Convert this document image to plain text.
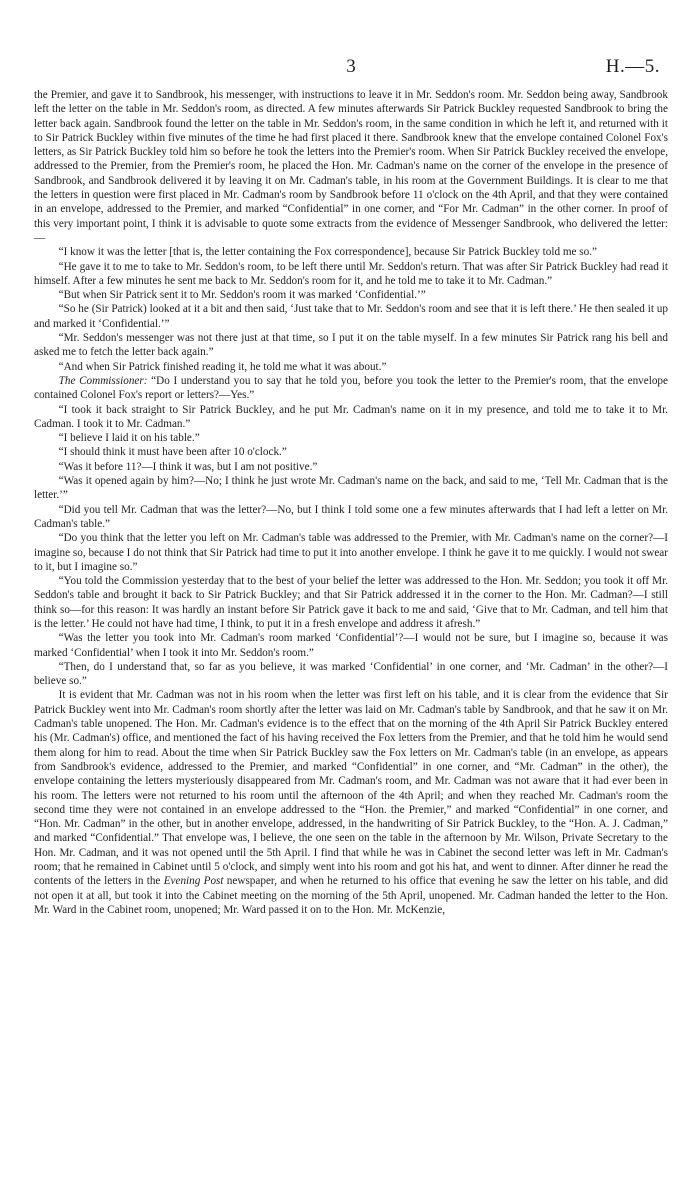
3	H.—5.

the Premier, and gave it to Sandbrook, his messenger, with instructions to leave it in Mr. Seddon's room. Mr. Seddon being away, Sandbrook left the letter on the table in Mr. Seddon's room, as directed. A few minutes afterwards Sir Patrick Buckley requested Sandbrook to bring the letter back again. Sandbrook found the letter on the table in Mr. Seddon's room, in the same condition in which he left it, and returned with it to Sir Patrick Buckley within five minutes of the time he had first placed it there. Sandbrook knew that the envelope contained Colonel Fox's letters, as Sir Patrick Buckley told him so before he took the letters into the Premier's room. When Sir Patrick Buckley received the envelope, addressed to the Premier, from the Premier's room, he placed the Hon. Mr. Cadman's name on the corner of the envelope in the presence of Sandbrook, and Sandbrook delivered it by leaving it on Mr. Cadman's table, in his room at the Government Buildings. It is clear to me that the letters in question were first placed in Mr. Cadman's room by Sandbrook before 11 o'clock on the 4th April, and that they were contained in an envelope, addressed to the Premier, and marked “Confidential” in one corner, and “For Mr. Cadman” in the other corner. In proof of this very important point, I think it is advisable to quote some extracts from the evidence of Messenger Sandbrook, who delivered the letter:—

“I know it was the letter [that is, the letter containing the Fox correspondence], because Sir Patrick Buckley told me so.”

“He gave it to me to take to Mr. Seddon's room, to be left there until Mr. Seddon's return. That was after Sir Patrick Buckley had read it himself. After a few minutes he sent me back to Mr. Seddon's room for it, and he told me to take it to Mr. Cadman.”

“But when Sir Patrick sent it to Mr. Seddon's room it was marked ‘Confidential.’”

“So he (Sir Patrick) looked at it a bit and then said, ‘Just take that to Mr. Seddon's room and see that it is left there.’ He then sealed it up and marked it ‘Confidential.’”

“Mr. Seddon's messenger was not there just at that time, so I put it on the table myself. In a few minutes Sir Patrick rang his bell and asked me to fetch the letter back again.”

“And when Sir Patrick finished reading it, he told me what it was about.”

The Commissioner: “Do I understand you to say that he told you, before you took the letter to the Premier's room, that the envelope contained Colonel Fox's report or letters?—Yes.”

“I took it back straight to Sir Patrick Buckley, and he put Mr. Cadman's name on it in my presence, and told me to take it to Mr. Cadman. I took it to Mr. Cadman.”

“I believe I laid it on his table.”

“I should think it must have been after 10 o'clock.”

“Was it before 11?—I think it was, but I am not positive.”

“Was it opened again by him?—No; I think he just wrote Mr. Cadman's name on the back, and said to me, ‘Tell Mr. Cadman that is the letter.’”

“Did you tell Mr. Cadman that was the letter?—No, but I think I told some one a few minutes afterwards that I had left a letter on Mr. Cadman's table.”

“Do you think that the letter you left on Mr. Cadman's table was addressed to the Premier, with Mr. Cadman's name on the corner?—I imagine so, because I do not think that Sir Patrick had time to put it into another envelope. I think he gave it to me quickly. I would not swear to it, but I imagine so.”

“You told the Commission yesterday that to the best of your belief the letter was addressed to the Hon. Mr. Seddon; you took it off Mr. Seddon's table and brought it back to Sir Patrick Buckley; and that Sir Patrick addressed it in the corner to the Hon. Mr. Cadman?—I still think so—for this reason: It was hardly an instant before Sir Patrick gave it back to me and said, ‘Give that to Mr. Cadman, and tell him that is the letter.’ He could not have had time, I think, to put it in a fresh envelope and address it afresh.”

“Was the letter you took into Mr. Cadman's room marked ‘Confidential’?—I would not be sure, but I imagine so, because it was marked ‘Confidential’ when I took it into Mr. Seddon's room.”

“Then, do I understand that, so far as you believe, it was marked ‘Confidential’ in one corner, and ‘Mr. Cadman’ in the other?—I believe so.”

It is evident that Mr. Cadman was not in his room when the letter was first left on his table, and it is clear from the evidence that Sir Patrick Buckley went into Mr. Cadman's room shortly after the letter was laid on Mr. Cadman's table by Sandbrook, and that he saw it on Mr. Cadman's table unopened. The Hon. Mr. Cadman's evidence is to the effect that on the morning of the 4th April Sir Patrick Buckley entered his (Mr. Cadman's) office, and mentioned the fact of his having received the Fox letters from the Premier, and that he told him he would send them along for him to read. About the time when Sir Patrick Buckley saw the Fox letters on Mr. Cadman's table (in an envelope, as appears from Sandbrook's evidence, addressed to the Premier, and marked “Confidential” in one corner, and “Mr. Cadman” in the other), the envelope containing the letters mysteriously disappeared from Mr. Cadman's room, and Mr. Cadman was not aware that it had ever been in his room. The letters were not returned to his room until the afternoon of the 4th April; and when they reached Mr. Cadman's room the second time they were not contained in an envelope addressed to the “Hon. the Premier,” and marked “Confidential” in one corner, and “Hon. Mr. Cadman” in the other, but in another envelope, addressed, in the handwriting of Sir Patrick Buckley, to the “Hon. A. J. Cadman,” and marked “Confidential.” That envelope was, I believe, the one seen on the table in the afternoon by Mr. Wilson, Private Secretary to the Hon. Mr. Cadman, and it was not opened until the 5th April. I find that while he was in Cabinet the second letter was left in Mr. Cadman's room; that he remained in Cabinet until 5 o'clock, and simply went into his room and got his hat, and went to dinner. After dinner he read the contents of the letters in the Evening Post newspaper, and when he returned to his office that evening he saw the letter on his table, and did not open it at all, but took it into the Cabinet meeting on the morning of the 5th April, unopened. Mr. Cadman handed the letter to the Hon. Mr. Ward in the Cabinet room, unopened; Mr. Ward passed it on to the Hon. Mr. McKenzie,
